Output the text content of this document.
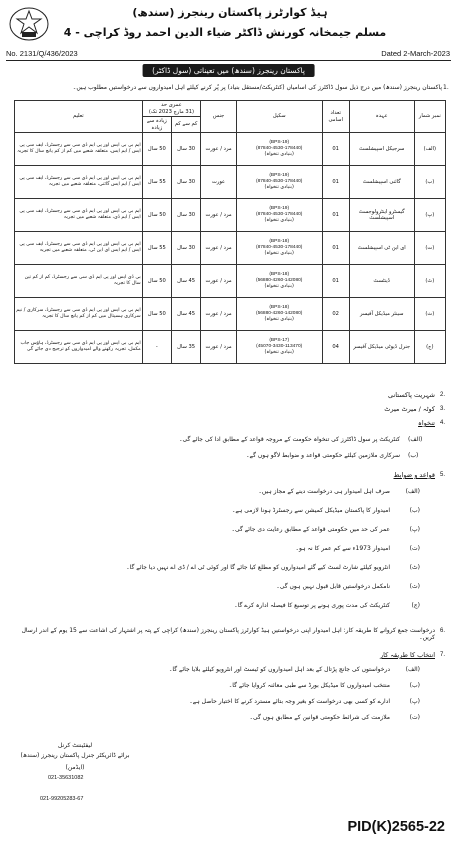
ہیڈ کوارٹرز پاکستان رینجرز (سندھ)
مسلم جیمخانہ کورنش ڈاکٹر ضیاء الدین احمد روڈ کراچی - 4
No. 2131/Q/436/2023	Dated 2-March-2023
پاکستان رینجرز (سندھ) میں تعیناتی (سول ڈاکٹر)
1.
پاکستان رینجرز (سندھ) میں درج ذیل سول ڈاکٹرز کی اسامیاں (کنٹریکٹ/مستقل بنیاد) پر پُر کرنے کیلئے اہل امیدواروں سے درخواستیں مطلوب ہیں۔
نمبر شمار	عہدہ	تعداد اسامی	سکیل	جنس	عمری حد
(31 مارچ 2023 تک)		تعلیم
					کم سے کم	زیادہ سے زیادہ	
(الف)	سرجیکل اسپیشلسٹ	01	(BPS-19)
(87840-4530-178440)
(بنیادی تنخواہ)	مرد / عورت	30 سال	50 سال	ایم بی بی ایس اور پی ایم ڈی سی سے رجسٹرڈ، ایف سی پی ایس / ایم ایس، متعلقہ شعبے میں کم از کم پانچ سال کا تجربہ
(ب)	گائنی اسپیشلسٹ	01	(BPS-19)
(87840-4530-178440)
(بنیادی تنخواہ)	عورت	30 سال	55 سال	ایم بی بی ایس اور پی ایم ڈی سی سے رجسٹرڈ، ایف سی پی ایس / ایم ایس گائنی، متعلقہ شعبے میں تجربہ
(پ)	گیسٹرو اینٹرولوجسٹ اسپیشلسٹ	01	(BPS-19)
(87840-4530-178440)
(بنیادی تنخواہ)	مرد / عورت	30 سال	50 سال	ایم بی بی ایس اور پی ایم ڈی سی سے رجسٹرڈ، ایف سی پی ایس / ایم ڈی، متعلقہ شعبے میں تجربہ
(ت)	ای این ٹی اسپیشلسٹ	01	(BPS-18)
(87840-4530-178440)
(بنیادی تنخواہ)	مرد / عورت	30 سال	55 سال	ایم بی بی ایس اور پی ایم ڈی سی سے رجسٹرڈ، ایف سی پی ایس / ایم ایس ای این ٹی، متعلقہ شعبے میں تجربہ
(ٹ)	ڈینٹسٹ	01	(BPS-18)
(56880-4260-142080)
(بنیادی تنخواہ)	مرد / عورت	45 سال	50 سال	بی ڈی ایس اور پی ایم ڈی سی سے رجسٹرڈ، کم از کم تین سال کا تجربہ
(ث)	سینئر میڈیکل آفیسر	02	(BPS-18)
(56880-4260-142080)
(بنیادی تنخواہ)	مرد / عورت	45 سال	50 سال	ایم بی بی ایس اور پی ایم ڈی سی سے رجسٹرڈ، سرکاری / نیم سرکاری ہسپتال میں کم از کم پانچ سال کا تجربہ
(ج)	جنرل ڈیوٹی میڈیکل آفیسر	04	(BPS-17)
(45070-3430-113470)
(بنیادی تنخواہ)	مرد / عورت	35 سال	-	ایم بی بی ایس اور پی ایم ڈی سی سے رجسٹرڈ، ہاؤس جاب مکمل، تجربہ رکھنے والے امیدواروں کو ترجیح دی جائے گی
2.
شہریت پاکستانی
3.
کوٹہ / میرٹ میرٹ
4.
تنخواہ
(الف)
کنٹریکٹ پر سول ڈاکٹرز کی تنخواہ حکومت کے مروجہ قواعد کے مطابق ادا کی جائے گی۔
(ب)
سرکاری ملازمین کیلئے حکومتی قواعد و ضوابط لاگو ہوں گے۔
5.
قواعد و ضوابط
(الف)
صرف اہل امیدوار ہی درخواست دینے کے مجاز ہیں۔
(ب)
امیدوار کا پاکستان میڈیکل کمیشن سے رجسٹرڈ ہونا لازمی ہے۔
(پ)
عمر کی حد میں حکومتی قواعد کے مطابق رعایت دی جائے گی۔
(ت)
امیدوار 1973ء سے کم عمر کا نہ ہو۔
(ٹ)
انٹرویو کیلئے شارٹ لسٹ کیے گئے امیدواروں کو مطلع کیا جائے گا اور کوئی ٹی اے / ڈی اے نہیں دیا جائے گا۔
(ث)
نامکمل درخواستیں قابل قبول نہیں ہوں گی۔
(ج)
کنٹریکٹ کی مدت پوری ہونے پر توسیع کا فیصلہ ادارہ کرے گا۔
6.
درخواست جمع کروانے کا طریقہ کار: اہل امیدوار اپنی درخواستیں ہیڈ کوارٹرز پاکستان رینجرز (سندھ) کراچی کے پتہ پر اشتہار کی اشاعت سے 15 یوم کے اندر ارسال کریں۔
7.
انتخاب کا طریقہ کار
(الف)
درخواستوں کی جانچ پڑتال کے بعد اہل امیدواروں کو ٹیسٹ اور انٹرویو کیلئے بلایا جائے گا۔
(ب)
منتخب امیدواروں کا میڈیکل بورڈ سے طبی معائنہ کروایا جائے گا۔
(پ)
ادارے کو کسی بھی درخواست کو بغیر وجہ بتائے مسترد کرنے کا اختیار حاصل ہے۔
(ت)
ملازمت کی شرائط حکومتی قوانین کے مطابق ہوں گی۔
لیفٹیننٹ کرنل
برائے ڈائریکٹر جنرل پاکستان رینجرز (سندھ)
(ایڈمن)
021-35631082
021-99205283-67
PID(K)2565-22
